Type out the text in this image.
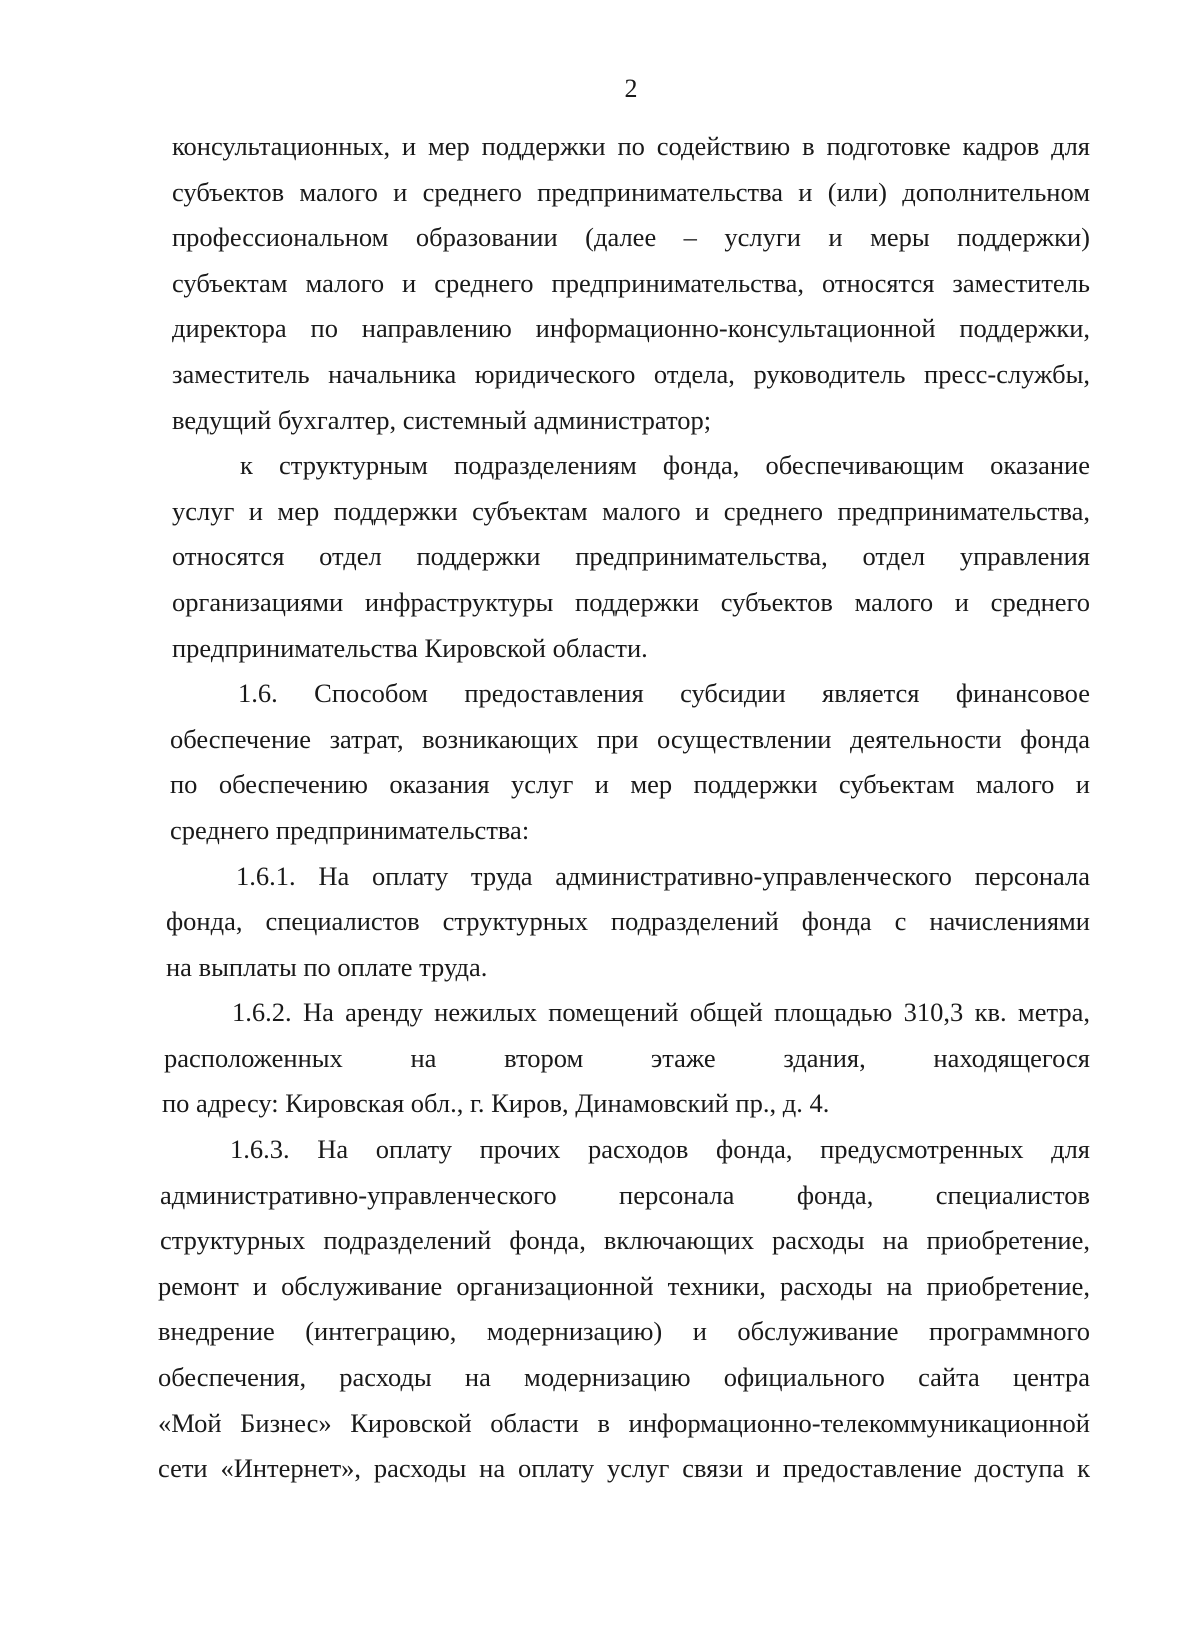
2
консультационных, и мер поддержки по содействию в подготовке кадров для
субъектов малого и среднего предпринимательства и (или) дополнительном
профессиональном образовании (далее – услуги и меры поддержки)
субъектам малого и среднего предпринимательства, относятся заместитель
директора по направлению информационно-консультационной поддержки,
заместитель начальника юридического отдела, руководитель пресс-службы,
ведущий бухгалтер, системный администратор;
к структурным подразделениям фонда, обеспечивающим оказание
услуг и мер поддержки субъектам малого и среднего предпринимательства,
относятся отдел поддержки предпринимательства, отдел управления
организациями инфраструктуры поддержки субъектов малого и среднего
предпринимательства Кировской области.
1.6. Способом предоставления субсидии является финансовое
обеспечение затрат, возникающих при осуществлении деятельности фонда
по обеспечению оказания услуг и мер поддержки субъектам малого и
среднего предпринимательства:
1.6.1. На оплату труда административно-управленческого персонала
фонда, специалистов структурных подразделений фонда с начислениями
на выплаты по оплате труда.
1.6.2. На аренду нежилых помещений общей площадью 310,3 кв. метра,
расположенных на втором этаже здания, находящегося
по адресу: Кировская обл., г. Киров, Динамовский пр., д. 4.
1.6.3. На оплату прочих расходов фонда, предусмотренных для
административно-управленческого персонала фонда, специалистов
структурных подразделений фонда, включающих расходы на приобретение,
ремонт и обслуживание организационной техники, расходы на приобретение,
внедрение (интеграцию, модернизацию) и обслуживание программного
обеспечения, расходы на модернизацию официального сайта центра
«Мой Бизнес» Кировской области в информационно-телекоммуникационной
сети «Интернет», расходы на оплату услуг связи и предоставление доступа к
